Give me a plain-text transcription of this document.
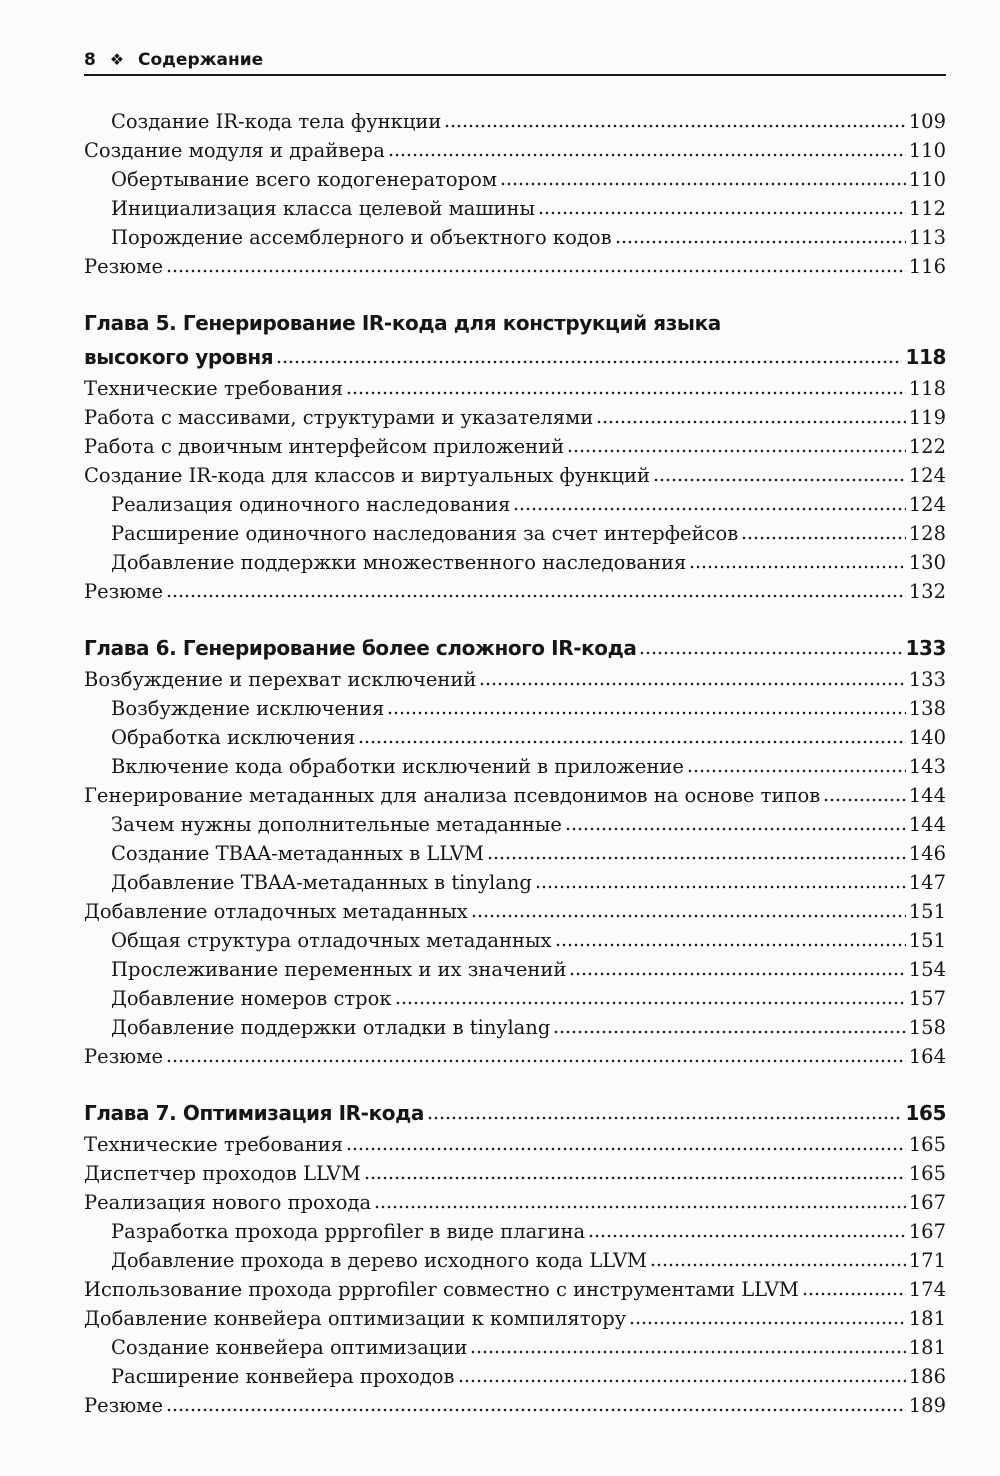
8 ❖ Содержание
Создание IR-кода тела функции	109
Создание модуля и драйвера	110
Обертывание всего кодогенератором	110
Инициализация класса целевой машины	112
Порождение ассемблерного и объектного кодов	113
Резюме	116
Глава 5. Генерирование IR-кода для конструкций языка
высокого уровня	118
Технические требования	118
Работа с массивами, структурами и указателями	119
Работа с двоичным интерфейсом приложений	122
Создание IR-кода для классов и виртуальных функций	124
Реализация одиночного наследования	124
Расширение одиночного наследования за счет интерфейсов	128
Добавление поддержки множественного наследования	130
Резюме	132
Глава 6. Генерирование более сложного IR-кода	133
Возбуждение и перехват исключений	133
Возбуждение исключения	138
Обработка исключения	140
Включение кода обработки исключений в приложение	143
Генерирование метаданных для анализа псевдонимов на основе типов	144
Зачем нужны дополнительные метаданные	144
Создание TBAA-метаданных в LLVM	146
Добавление TBAA-метаданных в tinylang	147
Добавление отладочных метаданных	151
Общая структура отладочных метаданных	151
Прослеживание переменных и их значений	154
Добавление номеров строк	157
Добавление поддержки отладки в tinylang	158
Резюме	164
Глава 7. Оптимизация IR-кода	165
Технические требования	165
Диспетчер проходов LLVM	165
Реализация нового прохода	167
Разработка прохода ppprofiler в виде плагина	167
Добавление прохода в дерево исходного кода LLVM	171
Использование прохода ppprofiler совместно с инструментами LLVM	174
Добавление конвейера оптимизации к компилятору	181
Создание конвейера оптимизации	181
Расширение конвейера проходов	186
Резюме	189
